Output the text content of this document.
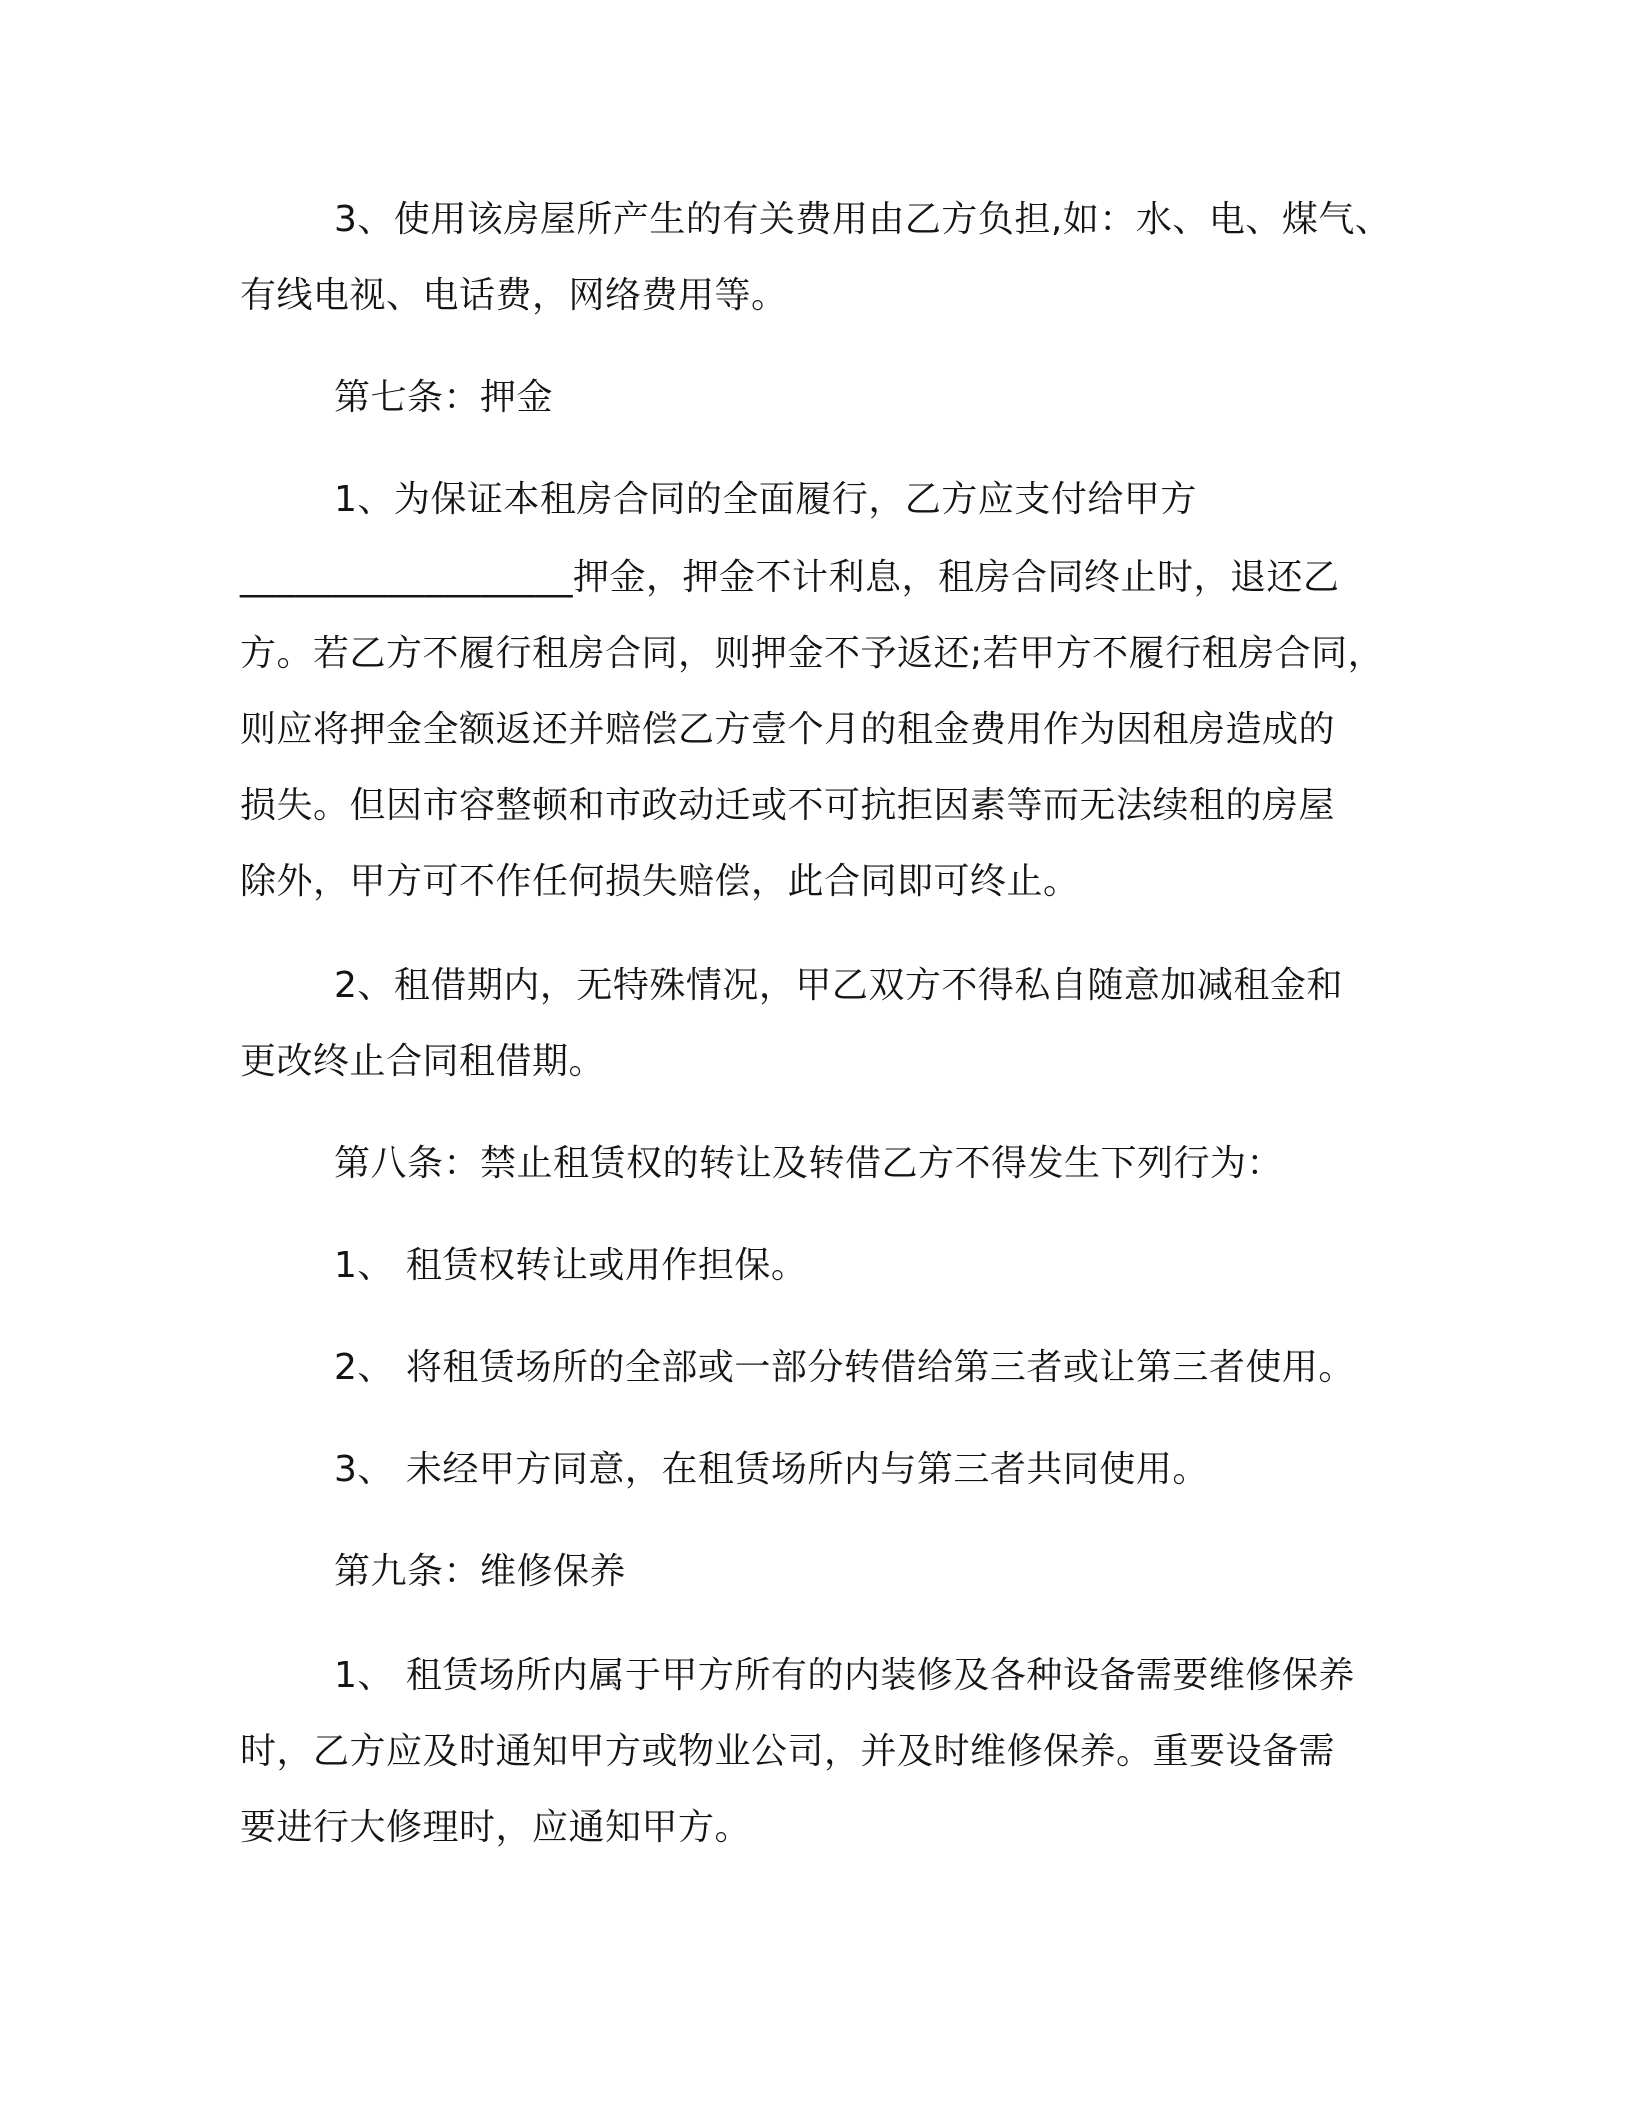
3、使用该房屋所产生的有关费用由乙方负担,如：水、电、煤气、
有线电视、电话费，网络费用等。
第七条：押金
1、为保证本租房合同的全面履行，乙方应支付给甲方
__________________押金，押金不计利息，租房合同终止时，退还乙
方。若乙方不履行租房合同，则押金不予返还;若甲方不履行租房合同，
则应将押金全额返还并赔偿乙方壹个月的租金费用作为因租房造成的
损失。但因市容整顿和市政动迁或不可抗拒因素等而无法续租的房屋
除外，甲方可不作任何损失赔偿，此合同即可终止。
2、租借期内，无特殊情况，甲乙双方不得私自随意加减租金和
更改终止合同租借期。
第八条：禁止租赁权的转让及转借乙方不得发生下列行为：
1、 租赁权转让或用作担保。
2、 将租赁场所的全部或一部分转借给第三者或让第三者使用。
3、 未经甲方同意，在租赁场所内与第三者共同使用。
第九条：维修保养
1、 租赁场所内属于甲方所有的内装修及各种设备需要维修保养
时，乙方应及时通知甲方或物业公司，并及时维修保养。重要设备需
要进行大修理时，应通知甲方。
